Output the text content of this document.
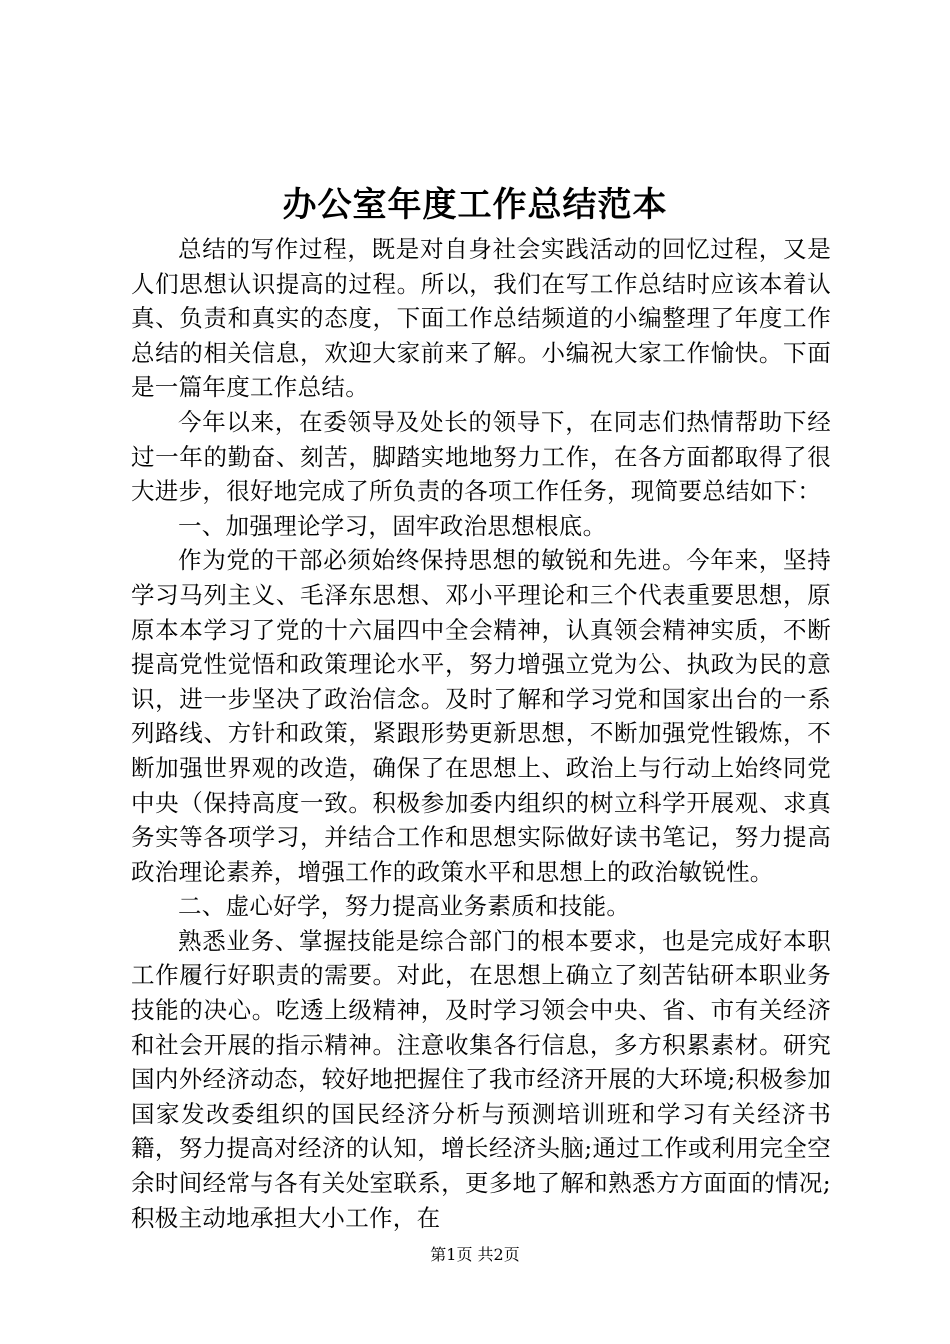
办公室年度工作总结范本

总结的写作过程，既是对自身社会实践活动的回忆过程，又是人们思想认识提高的过程。所以，我们在写工作总结时应该本着认真、负责和真实的态度，下面工作总结频道的小编整理了年度工作总结的相关信息，欢迎大家前来了解。小编祝大家工作愉快。下面是一篇年度工作总结。

今年以来，在委领导及处长的领导下，在同志们热情帮助下经过一年的勤奋、刻苦，脚踏实地地努力工作，在各方面都取得了很大进步，很好地完成了所负责的各项工作任务，现简要总结如下：

一、加强理论学习，固牢政治思想根底。

作为党的干部必须始终保持思想的敏锐和先进。今年来，坚持学习马列主义、毛泽东思想、邓小平理论和三个代表重要思想，原原本本学习了党的十六届四中全会精神，认真领会精神实质，不断提高党性觉悟和政策理论水平，努力增强立党为公、执政为民的意识，进一步坚决了政治信念。及时了解和学习党和国家出台的一系列路线、方针和政策，紧跟形势更新思想，不断加强党性锻炼，不断加强世界观的改造，确保了在思想上、政治上与行动上始终同党中央（保持高度一致。积极参加委内组织的树立科学开展观、求真务实等各项学习，并结合工作和思想实际做好读书笔记，努力提高政治理论素养，增强工作的政策水平和思想上的政治敏锐性。

二、虚心好学，努力提高业务素质和技能。

熟悉业务、掌握技能是综合部门的根本要求，也是完成好本职工作履行好职责的需要。对此，在思想上确立了刻苦钻研本职业务技能的决心。吃透上级精神，及时学习领会中央、省、市有关经济和社会开展的指示精神。注意收集各行信息，多方积累素材。研究国内外经济动态，较好地把握住了我市经济开展的大环境;积极参加国家发改委组织的国民经济分析与预测培训班和学习有关经济书籍，努力提高对经济的认知，增长经济头脑;通过工作或利用完全空余时间经常与各有关处室联系，更多地了解和熟悉方方面面的情况;积极主动地承担大小工作，在

第1页 共2页
